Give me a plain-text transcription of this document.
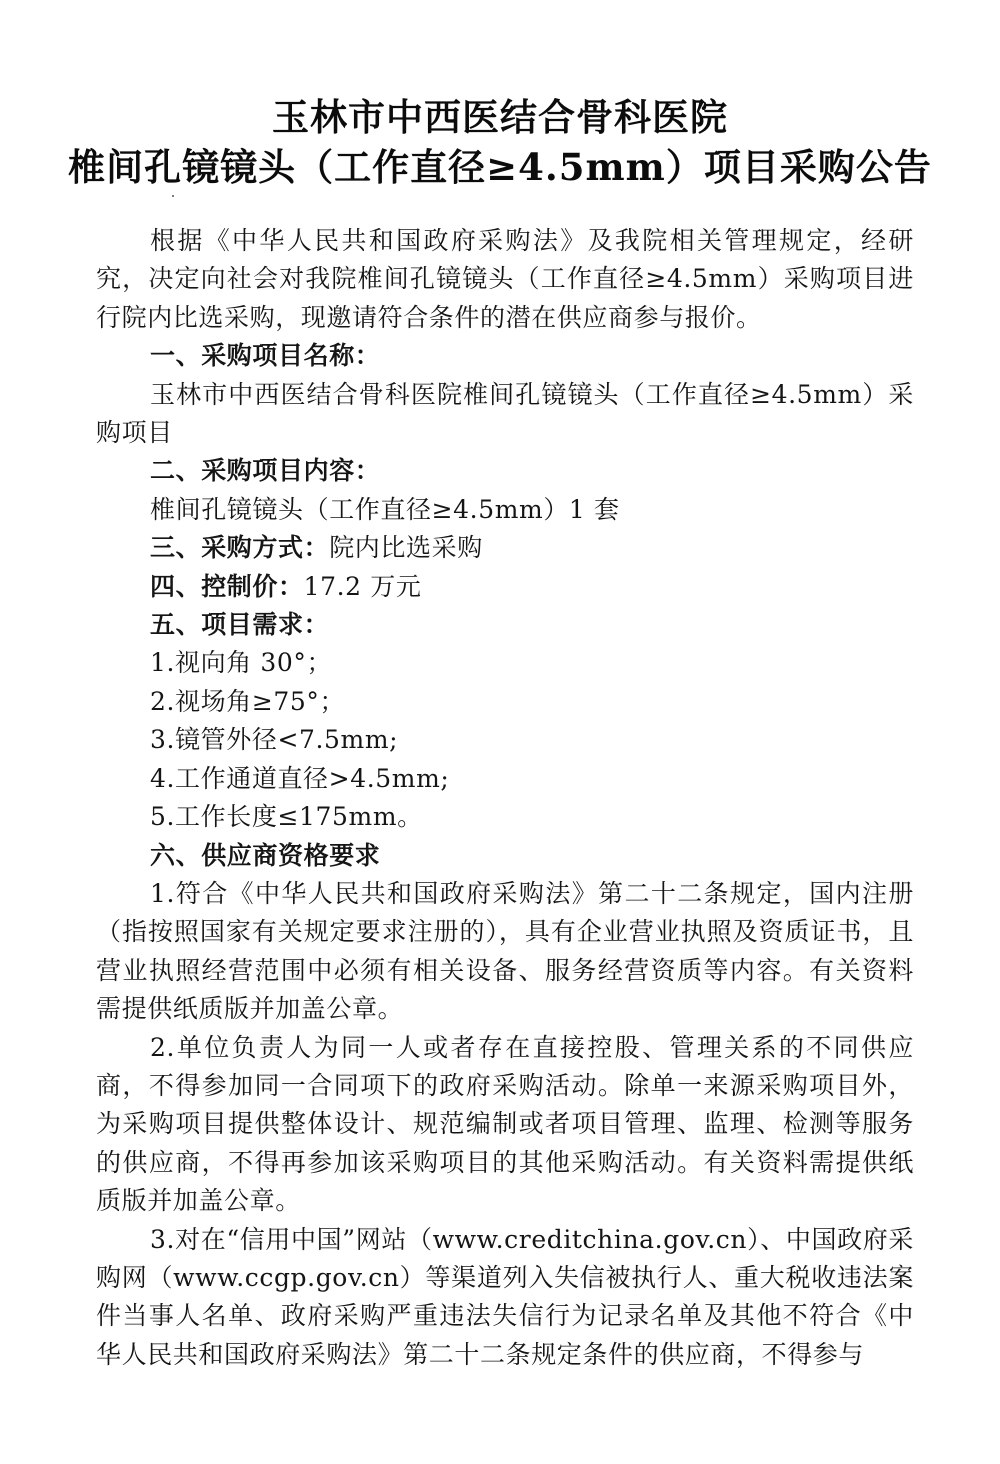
玉林市中西医结合骨科医院
椎间孔镜镜头（工作直径≥4.5mm）项目采购公告

根据《中华人民共和国政府采购法》及我院相关管理规定，经研究，决定向社会对我院椎间孔镜镜头（工作直径≥4.5mm）采购项目进行院内比选采购，现邀请符合条件的潜在供应商参与报价。

一、采购项目名称：

玉林市中西医结合骨科医院椎间孔镜镜头（工作直径≥4.5mm）采购项目

二、采购项目内容：

椎间孔镜镜头（工作直径≥4.5mm）1 套

三、采购方式：院内比选采购

四、控制价：17.2 万元

五、项目需求：

1.视向角 30°；

2.视场角≥75°；

3.镜管外径<7.5mm;

4.工作通道直径>4.5mm;

5.工作长度≤175mm。

六、供应商资格要求

1.符合《中华人民共和国政府采购法》第二十二条规定，国内注册（指按照国家有关规定要求注册的），具有企业营业执照及资质证书，且营业执照经营范围中必须有相关设备、服务经营资质等内容。有关资料需提供纸质版并加盖公章。

2.单位负责人为同一人或者存在直接控股、管理关系的不同供应商，不得参加同一合同项下的政府采购活动。除单一来源采购项目外，为采购项目提供整体设计、规范编制或者项目管理、监理、检测等服务的供应商，不得再参加该采购项目的其他采购活动。有关资料需提供纸质版并加盖公章。

3.对在“信用中国”网站（www.creditchina.gov.cn）、中国政府采购网（www.ccgp.gov.cn）等渠道列入失信被执行人、重大税收违法案件当事人名单、政府采购严重违法失信行为记录名单及其他不符合《中华人民共和国政府采购法》第二十二条规定条件的供应商，不得参与
